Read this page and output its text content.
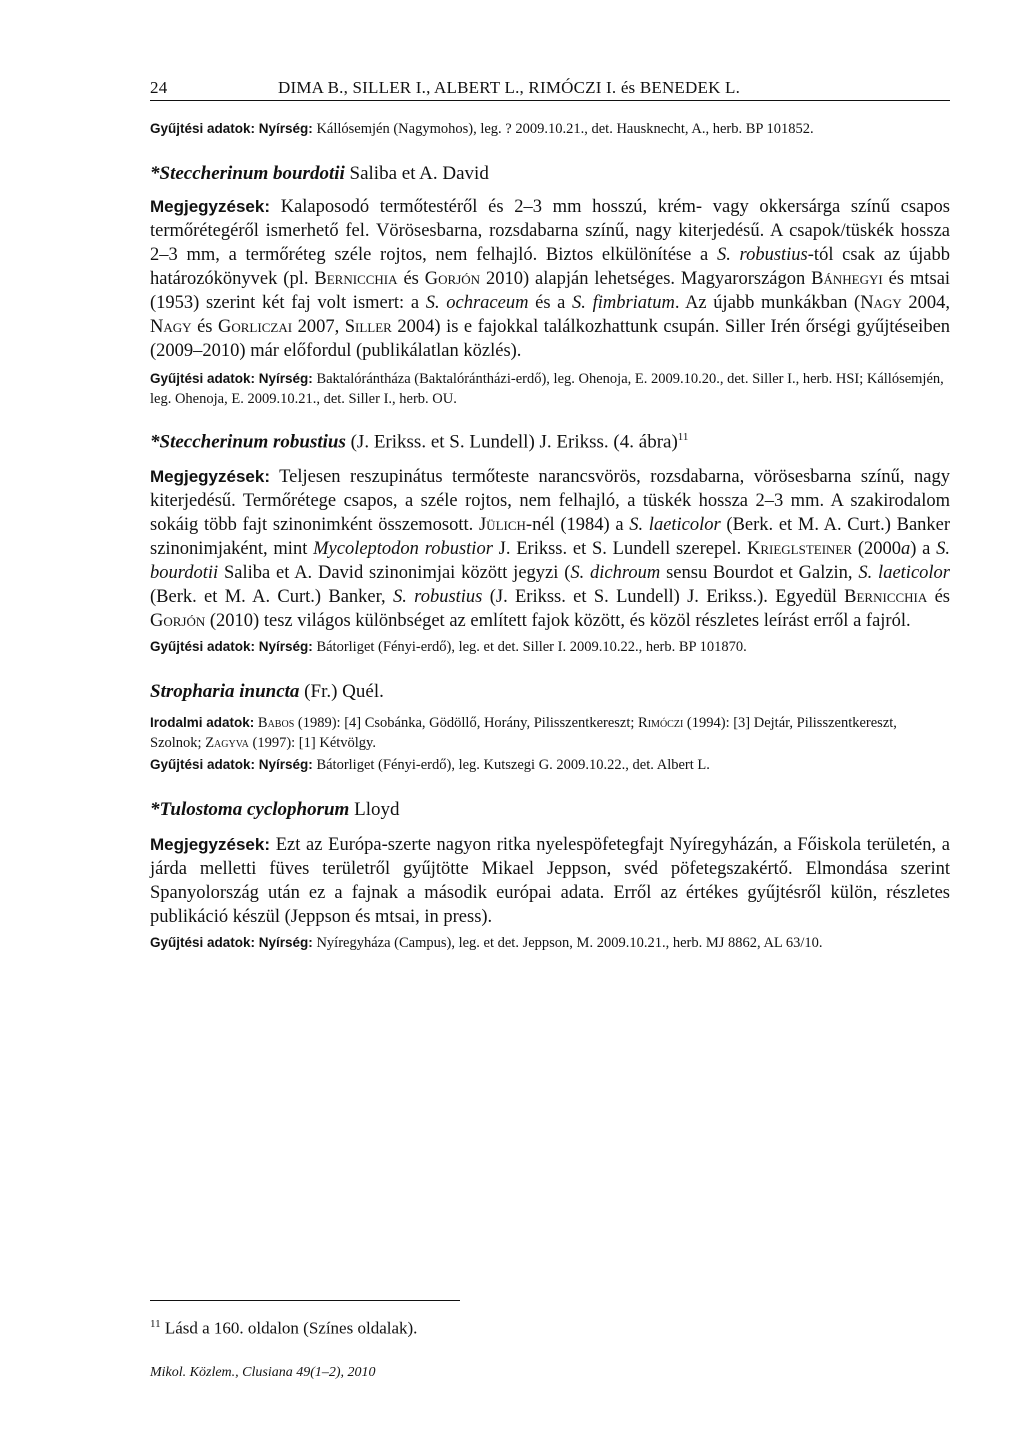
24	DIMA B., SILLER I., ALBERT L., RIMÓCZI I. és BENEDEK L.

Gyűjtési adatok: Nyírség: Kállósemjén (Nagymohos), leg. ? 2009.10.21., det. Hausknecht, A., herb. BP 101852.

*Steccherinum bourdotii Saliba et A. David

Megjegyzések: Kalaposodó termőtestéről és 2–3 mm hosszú, krém- vagy okkersárga színű csapos termőrétegéről ismerhető fel. Vörösesbarna, rozsdabarna színű, nagy kiterjedésű. A csapok/tüskék hossza 2–3 mm, a termőréteg széle rojtos, nem felhajló. Biztos elkülönítése a S. robustius-tól csak az újabb határozókönyvek (pl. Bernicchia és Gorjón 2010) alapján lehetséges. Magyarországon Bánhegyi és mtsai (1953) szerint két faj volt ismert: a S. ochraceum és a S. fimbriatum. Az újabb munkákban (Nagy 2004, Nagy és Gorliczai 2007, Siller 2004) is e fajokkal találkozhattunk csupán. Siller Irén őrségi gyűjtéseiben (2009–2010) már előfordul (publikálatlan közlés).

Gyűjtési adatok: Nyírség: Baktalórántháza (Baktalórántházi-erdő), leg. Ohenoja, E. 2009.10.20., det. Siller I., herb. HSI; Kállósemjén, leg. Ohenoja, E. 2009.10.21., det. Siller I., herb. OU.

*Steccherinum robustius (J. Erikss. et S. Lundell) J. Erikss. (4. ábra)$^{11}$

Megjegyzések: Teljesen reszupinátus termőteste narancsvörös, rozsdabarna, vörösesbarna színű, nagy kiterjedésű. Termőrétege csapos, a széle rojtos, nem felhajló, a tüskék hossza 2–3 mm. A szakirodalom sokáig több fajt szinonimként összemosott. Jülich-nél (1984) a S. laeticolor (Berk. et M. A. Curt.) Banker szinonimjaként, mint Mycoleptodon robustior J. Erikss. et S. Lundell szerepel. Krieglsteiner (2000a) a S. bourdotii Saliba et A. David szinonimjai között jegyzi (S. dichroum sensu Bourdot et Galzin, S. laeticolor (Berk. et M. A. Curt.) Banker, S. robustius (J. Erikss. et S. Lundell) J. Erikss.). Egyedül Bernicchia és Gorjón (2010) tesz világos különbséget az említett fajok között, és közöl részletes leírást erről a fajról.

Gyűjtési adatok: Nyírség: Bátorliget (Fényi-erdő), leg. et det. Siller I. 2009.10.22., herb. BP 101870.

Stropharia inuncta (Fr.) Quél.

Irodalmi adatok: Babos (1989): [4] Csobánka, Gödöllő, Horány, Pilisszentkereszt; Rimóczi (1994): [3] Dejtár, Pilisszentkereszt, Szolnok; Zagyva (1997): [1] Kétvölgy.

Gyűjtési adatok: Nyírség: Bátorliget (Fényi-erdő), leg. Kutszegi G. 2009.10.22., det. Albert L.

*Tulostoma cyclophorum Lloyd

Megjegyzések: Ezt az Európa-szerte nagyon ritka nyelespöfetegfajt Nyíregyházán, a Főiskola területén, a járda melletti füves területről gyűjtötte Mikael Jeppson, svéd pöfetegszakértő. Elmondása szerint Spanyolország után ez a fajnak a második európai adata. Erről az értékes gyűjtésről külön, részletes publikáció készül (Jeppson és mtsai, in press).

Gyűjtési adatok: Nyírség: Nyíregyháza (Campus), leg. et det. Jeppson, M. 2009.10.21., herb. MJ 8862, AL 63/10.

$^{11}$ Lásd a 160. oldalon (Színes oldalak).
Mikol. Közlem., Clusiana 49(1–2), 2010
